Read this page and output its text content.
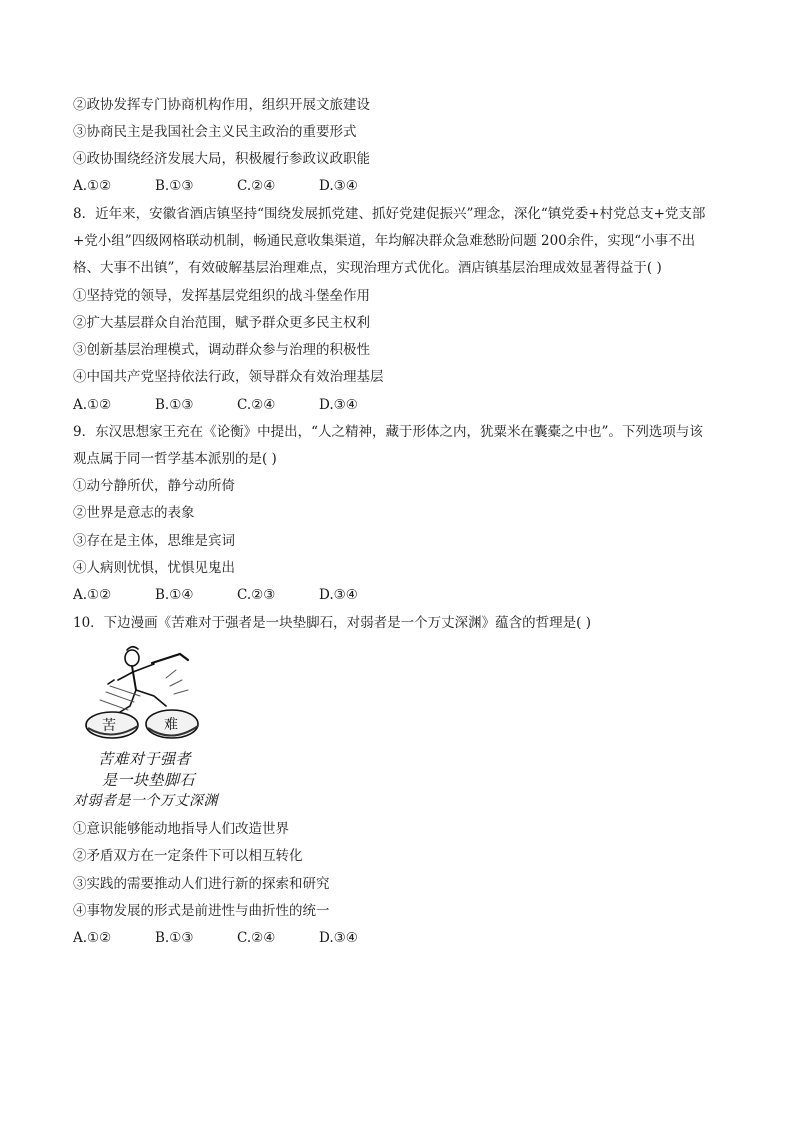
②政协发挥专门协商机构作用，组织开展文旅建设
③协商民主是我国社会主义民主政治的重要形式
④政协围绕经济发展大局，积极履行参政议政职能
A.①②	B.①③	C.②④	D.③④
8．近年来，安徽省酒店镇坚持“围绕发展抓党建、抓好党建促振兴”理念，深化“镇党委+村党总支+党支部
+党小组”四级网格联动机制，畅通民意收集渠道，年均解决群众急难愁盼问题 200余件，实现“小事不出
格、大事不出镇”，有效破解基层治理难点，实现治理方式优化。酒店镇基层治理成效显著得益于( )
①坚持党的领导，发挥基层党组织的战斗堡垒作用
②扩大基层群众自治范围，赋予群众更多民主权利
③创新基层治理模式，调动群众参与治理的积极性
④中国共产党坚持依法行政，领导群众有效治理基层
A.①②	B.①③	C.②④	D.③④
9．东汉思想家王充在《论衡》中提出，“人之精神，藏于形体之内，犹粟米在囊橐之中也”。下列选项与该
观点属于同一哲学基本派别的是( )
①动兮静所伏，静兮动所倚
②世界是意志的表象
③存在是主体，思维是宾词
④人病则忧惧，忧惧见鬼出
A.①②	B.①④	C.②③	D.③④
10．下边漫画《苦难对于强者是一块垫脚石，对弱者是一个万丈深渊》蕴含的哲理是( )
苦	难
苦难对于强者
是一块垫脚石
对弱者是一个万丈深渊
①意识能够能动地指导人们改造世界
②矛盾双方在一定条件下可以相互转化
③实践的需要推动人们进行新的探索和研究
④事物发展的形式是前进性与曲折性的统一
A.①②	B.①③	C.②④	D.③④
